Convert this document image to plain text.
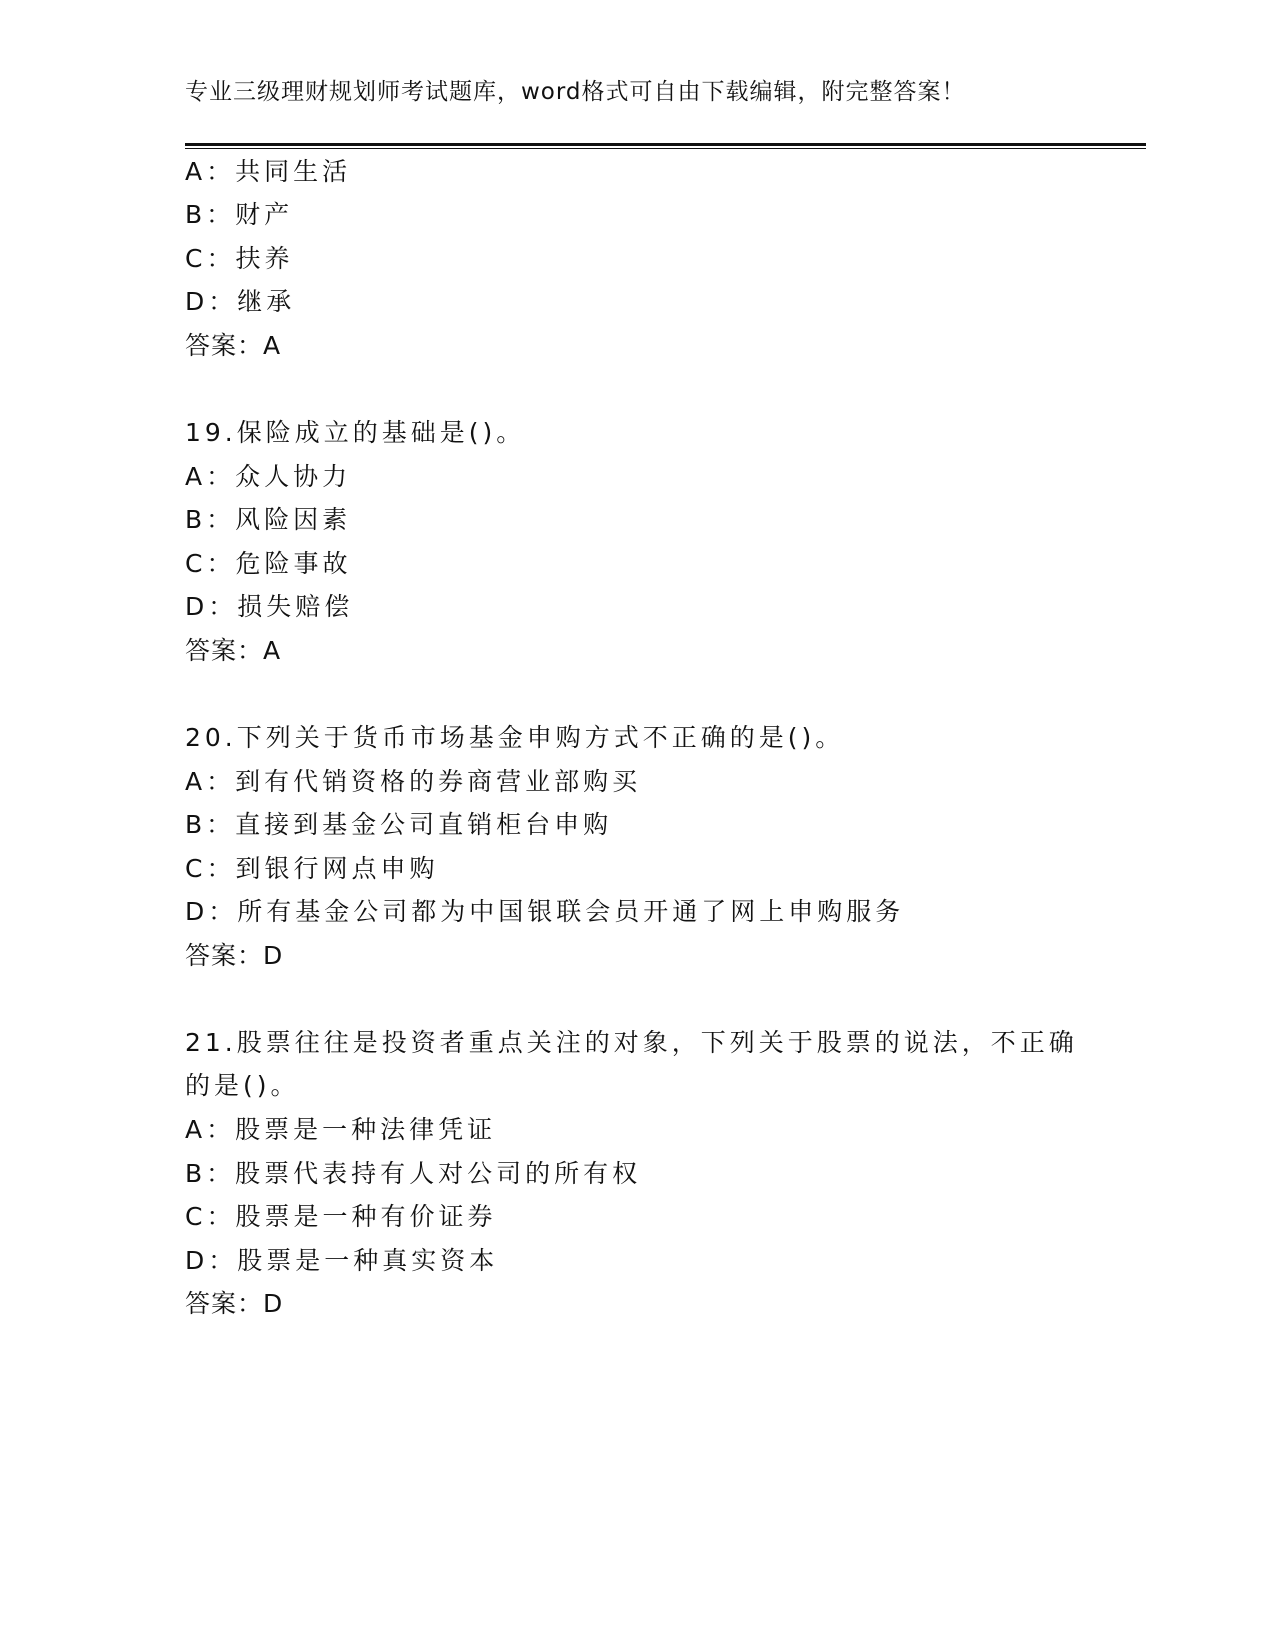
专业三级理财规划师考试题库，word格式可自由下载编辑，附完整答案！
A：共同生活
B：财产
C：扶养
D：继承
答案：A
19.保险成立的基础是()。
A：众人协力
B：风险因素
C：危险事故
D：损失赔偿
答案：A
20.下列关于货币市场基金申购方式不正确的是()。
A：到有代销资格的券商营业部购买
B：直接到基金公司直销柜台申购
C：到银行网点申购
D：所有基金公司都为中国银联会员开通了网上申购服务
答案：D
21.股票往往是投资者重点关注的对象，下列关于股票的说法，不正确
的是()。
A：股票是一种法律凭证
B：股票代表持有人对公司的所有权
C：股票是一种有价证券
D：股票是一种真实资本
答案：D
